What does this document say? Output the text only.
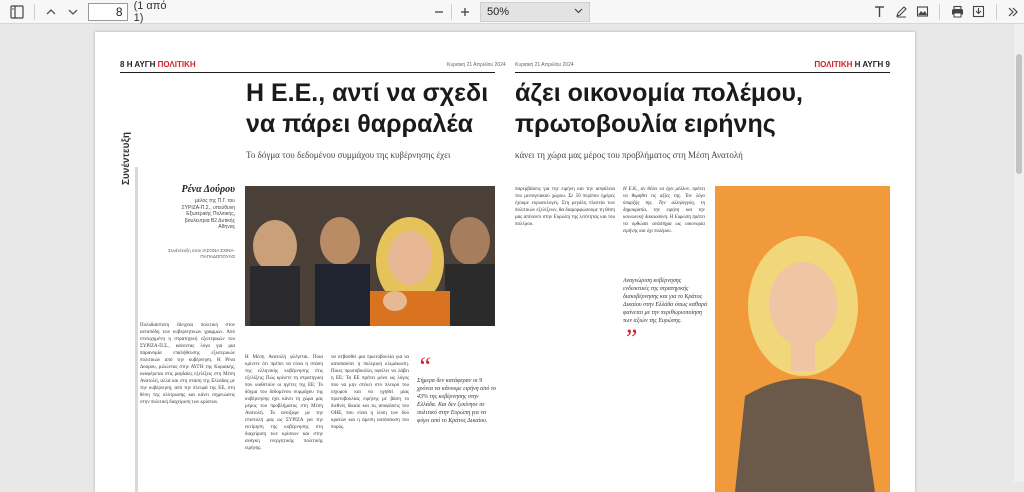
8
(1 από 1)	50%
8 Η ΑΥΓΗ ΠΟΛΙΤΙΚΗ	Κυριακή 21 Απριλίου 2024 Κυριακή 21 Απριλίου 2024	ΠΟΛΙΤΙΚΗ Η ΑΥΓΗ 9
Συνέντευξη
Η Ε.Ε., αντί να σχεδι
να πάρει θαρραλέα
άζει οικονομία πολέμου,
πρωτοβουλία ειρήνης
Το δόγμα του δεδομένου συμμάχου της κυβέρνησης έχει	κάνει τη χώρα μας μέρος του προβλήματος στη Μέση Ανατολή
Ρένα Δούρου
μέλος της Π.Γ. του ΣΥΡΙΖΑ-Π.Σ., υπεύθυνη Εξωτερικής Πολιτικής, βουλευτρια Β2 Δυτικής Αθήνας
Συνέντευξη στον ΙΑΣΟΝΑ ΣΧΙΝΑ-ΠΑΠΑΔΟΠΟΥΛΟ
Πολυδιάστατη έδειχναι πολιτική στον ανταπόδη των κυβερνητικών γραμμών. Από επιτυχημένη η στρατηγική εξωτερικών του ΣΥΡΙΖΑ-Π.Σ., κάνοντας λόγο για μια παρανομία επαλήθευσης εξωτερικών πολιτικών από την κυβέρνηση. Η Ρένα Δούρου, μιλώντας στην ΑΥΓΗ της Κυριακής, αναφέρεται στις ραγδαίες εξελίξεις στη Μέση Ανατολή, αλλά και στη στάση της Ελλάδας με την κυβέρνηση, από την πλευρά της ΕΕ, στη θέση της ολύτρωσης και κάνει σημειώσεις στην πολιτική διαχείριση των κρίσεων.
Η Μέση Ανατολή φλέγεται. Ποια κρίνετε ότι πρέπει να είναι η στάση της ελληνικής κυβέρνησης στις εξελίξεις; Πώς κρίνετε τη στρατηγική που υιοθετούν οι ηγέτες της ΕΕ; Το δόγμα του δεδομένου συμμάχου της κυβέρνησης έχει κάνει τη χώρα μας μέρος του προβλήματος στη Μέση Ανατολή. Το ανοίξαμε με την επιστολή μας ως ΣΥΡΙΖΑ για την εκτίμηση της κυβέρνησης στη διαχείριση των κρίσεων και στην ανάγκη ενεργητικής πολιτικής ειρήνης.
να σεβασθεί μια πρωτοβουλία για να καταπαύσει η πολεμική κλιμάκωση. Ποιες πρωτοβουλίες οφείλει να λάβει η ΕΕ; Τα ΕΕ πρέπει μόνο ως λόγος που να μην στέκει στο πλευρό του ισχυρού και να ηγηθεί μιας πρωτοβουλίας ειρήνης με βάση το διεθνές δίκαιο και τις αποφάσεις του ΟΗΕ, που είναι η λύση των δύο κρατών και η άμεση κατάπαυση του πυρός.
“
Σήμερα δεν κατάφεραν οι 9 χρόνια να κάνουμε ειρήνη από το 43% της κυβέρνησης στην Ελλάδα. Και δεν ξεκίνησε σε πολιτικό στην Ευρώπη για να φύγει από το Κράτος Δικαίου.
παρεμβάσεις για την ειρήνη και την ασφάλεια του μεσογειακού χώρου. Σε 50 περίπου ημέρες έχουμε ευρωεκλογές. Στη μεγάλη πλατεία των πολιτικών εξελίξεων, θα διαμορφώσουμε τη θέση μας απέναντι στην Ευρώπη της λιτότητας και του πολέμου.
Η Ε.Κ., αν θέλει να έχει μέλλον, πρέπει να θυμηθεί τις αξίες της. Τον λόγο ύπαρξής της. Την αλληλεγγύη, τη δημοκρατία, την ειρήνη και την κοινωνική δικαιοσύνη. Η Ευρώπη πρέπει να ορθώσει ανάστημα ως οικονομία ειρήνης και όχι πολέμου.
Αναγνώριση κυβέρνησης ενδεικτικές της στρατηγικής διακυβέρνησης και για το Κράτος Δικαίου στην Ελλάδα όπως καθαρά φαίνεται με την περιθωριοποίηση των αξιών της Ευρώπης.
”
